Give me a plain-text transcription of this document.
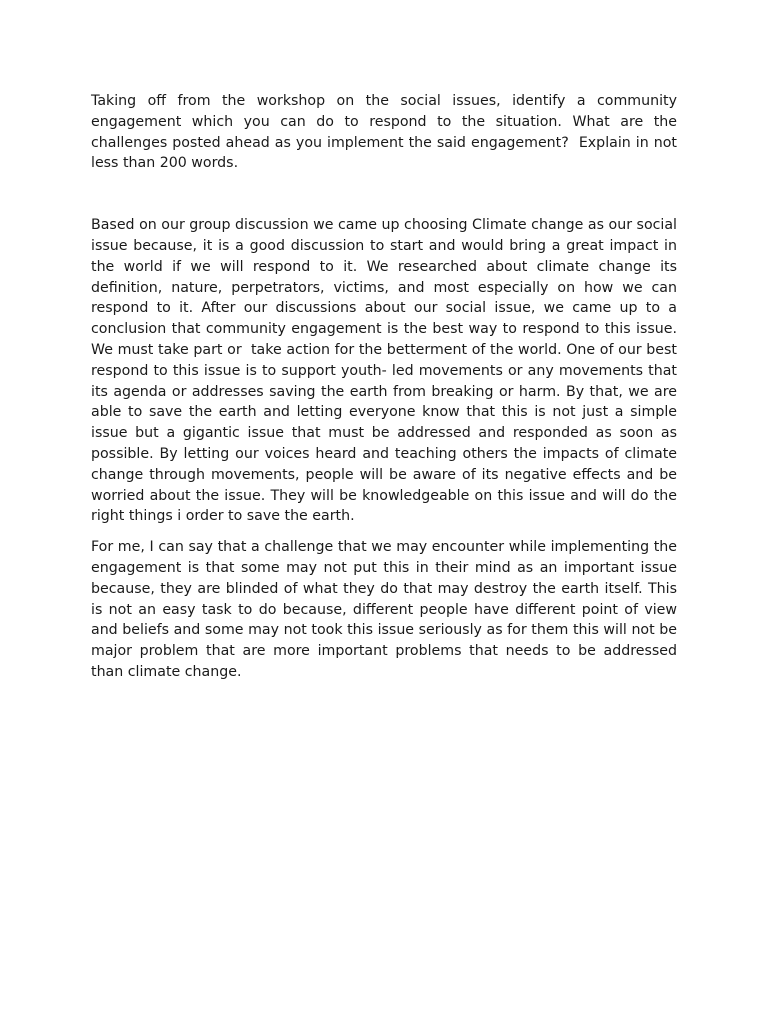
Taking off from the workshop on the social issues, identify a community engagement which you can do to respond to the situation. What are the challenges posted ahead as you implement the said engagement?  Explain in not less than 200 words.

Based on our group discussion we came up choosing Climate change as our social issue because, it is a good discussion to start and would bring a great impact in the world if we will respond to it. We researched about climate change its definition, nature, perpetrators, victims, and most especially on how we can respond to it. After our discussions about our social issue, we came up to a conclusion that community engagement is the best way to respond to this issue. We must take part or  take action for the betterment of the world. One of our best respond to this issue is to support youth- led movements or any movements that its agenda or addresses saving the earth from breaking or harm. By that, we are able to save the earth and letting everyone know that this is not just a simple issue but a gigantic issue that must be addressed and responded as soon as possible. By letting our voices heard and teaching others the impacts of climate change through movements, people will be aware of its negative effects and be worried about the issue. They will be knowledgeable on this issue and will do the right things i order to save the earth.

For me, I can say that a challenge that we may encounter while implementing the engagement is that some may not put this in their mind as an important issue because, they are blinded of what they do that may destroy the earth itself. This is not an easy task to do because, different people have different point of view and beliefs and some may not took this issue seriously as for them this will not be major problem that are more important problems that needs to be addressed than climate change.
